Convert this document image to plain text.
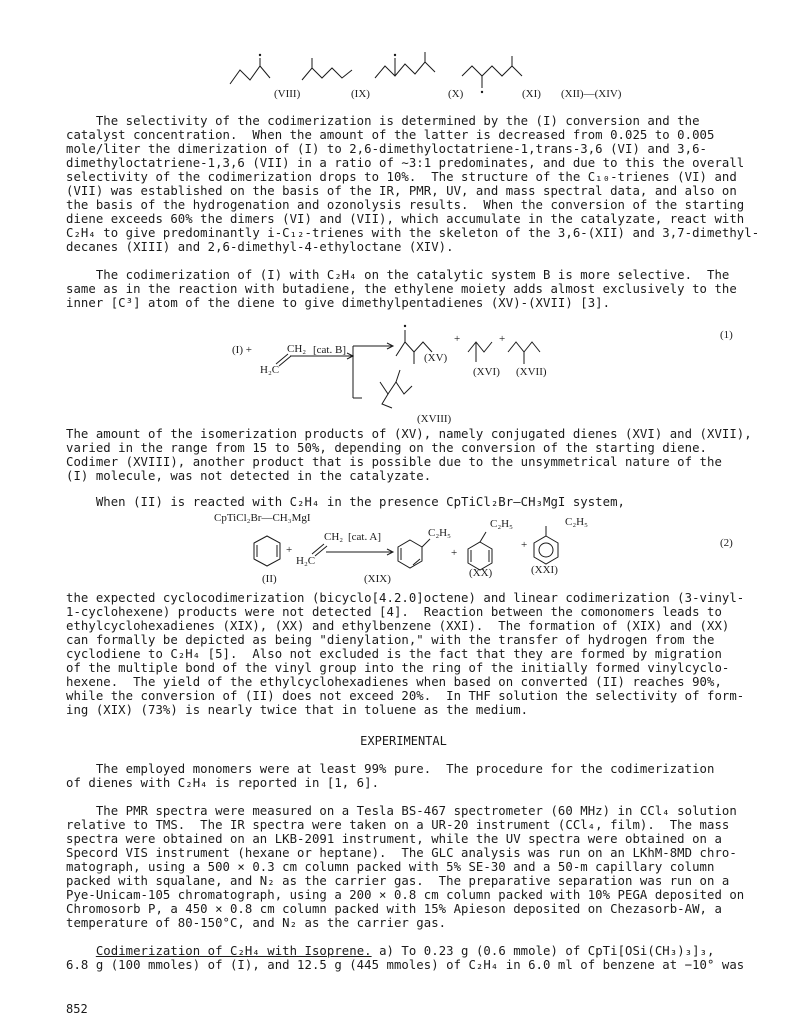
(VIII)	(IX)	(X)	(XI) (XII)—(XIV)
The selectivity of the codimerization is determined by the (I) conversion and the
catalyst concentration.  When the amount of the latter is decreased from 0.025 to 0.005
mole/liter the dimerization of (I) to 2,6-dimethyloctatriene-1,trans-3,6 (VI) and 3,6-
dimethyloctatriene-1,3,6 (VII) in a ratio of ∼3:1 predominates, and due to this the overall
selectivity of the codimerization drops to 10%.  The structure of the C₁₀-trienes (VI) and
(VII) was established on the basis of the IR, PMR, UV, and mass spectral data, and also on
the basis of the hydrogenation and ozonolysis results.  When the conversion of the starting
diene exceeds 60% the dimers (VI) and (VII), which accumulate in the catalyzate, react with
C₂H₄ to give predominantly i-C₁₂-trienes with the skeleton of the 3,6-(XII) and 3,7-dimethyl-
decanes (XIII) and 2,6-dimethyl-4-ethyloctane (XIV).
The codimerization of (I) with C₂H₄ on the catalytic system B is more selective.  The
same as in the reaction with butadiene, the ethylene moiety adds almost exclusively to the
inner [C³] atom of the diene to give dimethylpentadienes (XV)-(XVII) [3].
(I) +	CH₂
H₂C
[cat. B]
+	+
(XV)
(XVI) (XVII)
(XVIII)
(1)
The amount of the isomerization products of (XV), namely conjugated dienes (XVI) and (XVII),
varied in the range from 15 to 50%, depending on the conversion of the starting diene.
Codimer (XVIII), another product that is possible due to the unsymmetrical nature of the
(I) molecule, was not detected in the catalyzate.
When (II) is reacted with C₂H₄ in the presence CpTiCl₂Br—CH₃MgI system,
CpTiCl₂Br—CH₃MgI
CH₂
H₂C
[cat. A]
+
C₂H₅
C₂H₅	C₂H₅
+
+
(II)	(XIX)	(XX)	(XXI)
(2)
the expected cyclocodimerization (bicyclo[4.2.0]octene) and linear codimerization (3-vinyl-
1-cyclohexene) products were not detected [4].  Reaction between the comonomers leads to
ethylcyclohexadienes (XIX), (XX) and ethylbenzene (XXI).  The formation of (XIX) and (XX)
can formally be depicted as being "dienylation," with the transfer of hydrogen from the
cyclodiene to C₂H₄ [5].  Also not excluded is the fact that they are formed by migration
of the multiple bond of the vinyl group into the ring of the initially formed vinylcyclo-
hexene.  The yield of the ethylcyclohexadienes when based on converted (II) reaches 90%,
while the conversion of (II) does not exceed 20%.  In THF solution the selectivity of form-
ing (XIX) (73%) is nearly twice that in toluene as the medium.
EXPERIMENTAL
The employed monomers were at least 99% pure.  The procedure for the codimerization
of dienes with C₂H₄ is reported in [1, 6].
The PMR spectra were measured on a Tesla BS-467 spectrometer (60 MHz) in CCl₄ solution
relative to TMS.  The IR spectra were taken on a UR-20 instrument (CCl₄, film).  The mass
spectra were obtained on an LKB-2091 instrument, while the UV spectra were obtained on a
Specord VIS instrument (hexane or heptane).  The GLC analysis was run on an LKhM-8MD chro-
matograph, using a 500 × 0.3 cm column packed with 5% SE-30 and a 50-m capillary column
packed with squalane, and N₂ as the carrier gas.  The preparative separation was run on a
Pye-Unicam-105 chromatograph, using a 200 × 0.8 cm column packed with 10% PEGA deposited on
Chromosorb P, a 450 × 0.8 cm column packed with 15% Apieson deposited on Chezasorb-AW, a
temperature of 80-150°C, and N₂ as the carrier gas.
Codimerization of C₂H₄ with Isoprene. a) To 0.23 g (0.6 mmole) of CpTi[OSi(CH₃)₃]₃,
6.8 g (100 mmoles) of (I), and 12.5 g (445 mmoles) of C₂H₄ in 6.0 ml of benzene at −10° was
852
